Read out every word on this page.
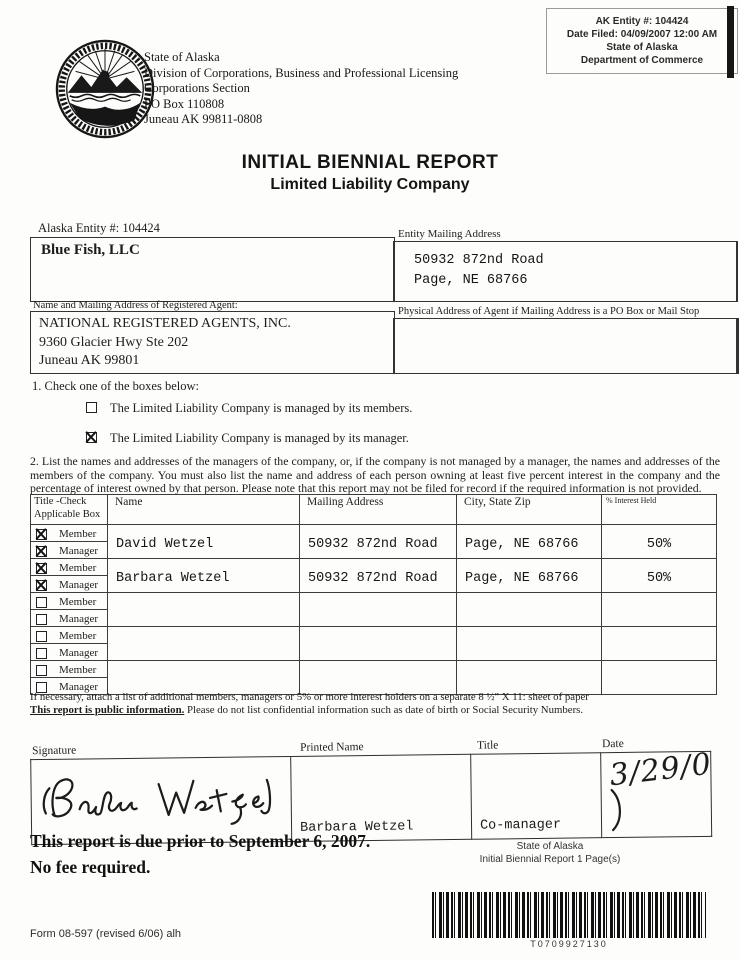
AK Entity #: 104424
Date Filed: 04/09/2007 12:00 AM
State of Alaska
Department of Commerce
State of Alaska
Division of Corporations, Business and Professional Licensing
Corporations Section
PO Box 110808
Juneau AK 99811-0808
INITIAL BIENNIAL REPORT
Limited Liability Company
Alaska Entity #: 104424
Blue Fish, LLC
Entity Mailing Address
50932 872nd Road
Page, NE 68766
Name and Mailing Address of Registered Agent:
NATIONAL REGISTERED AGENTS, INC.
9360 Glacier Hwy Ste 202
Juneau AK 99801
Physical Address of Agent if Mailing Address is a PO Box or Mail Stop
1. Check one of the boxes below:
The Limited Liability Company is managed by its members.
The Limited Liability Company is managed by its manager.
2. List the names and addresses of the managers of the company, or, if the company is not managed by a manager, the names and addresses of the members of the company. You must also list the name and address of each person owning at least five percent interest in the company and the percentage of interest owned by that person. Please note that this report may not be filed for record if the required information is not provided.
Title -Check
Applicable Box	Name	Mailing Address	City, State Zip	% Interest Held

Member	David Wetzel	50932 872nd Road	Page, NE 68766	50%

Manager				

Member	Barbara Wetzel	50932 872nd Road	Page, NE 68766	50%

Manager				

Member				

Manager				

Member				

Manager				

Member				

Manager				
If necessary, attach a list of additional members, managers or 5% or more interest holders on a separate 8 ½" X 11: sheet of paper
This report is public information. Please do not list confidential information such as date of birth or Social Security Numbers.
Signature	Printed Name	Title	Date
	Barbara Wetzel	Co-manager	3/29/0
This report is due prior to September 6, 2007.
No fee required.
State of Alaska
Initial Biennial Report 1 Page(s)
T0709927130
Form 08-597 (revised 6/06) alh
